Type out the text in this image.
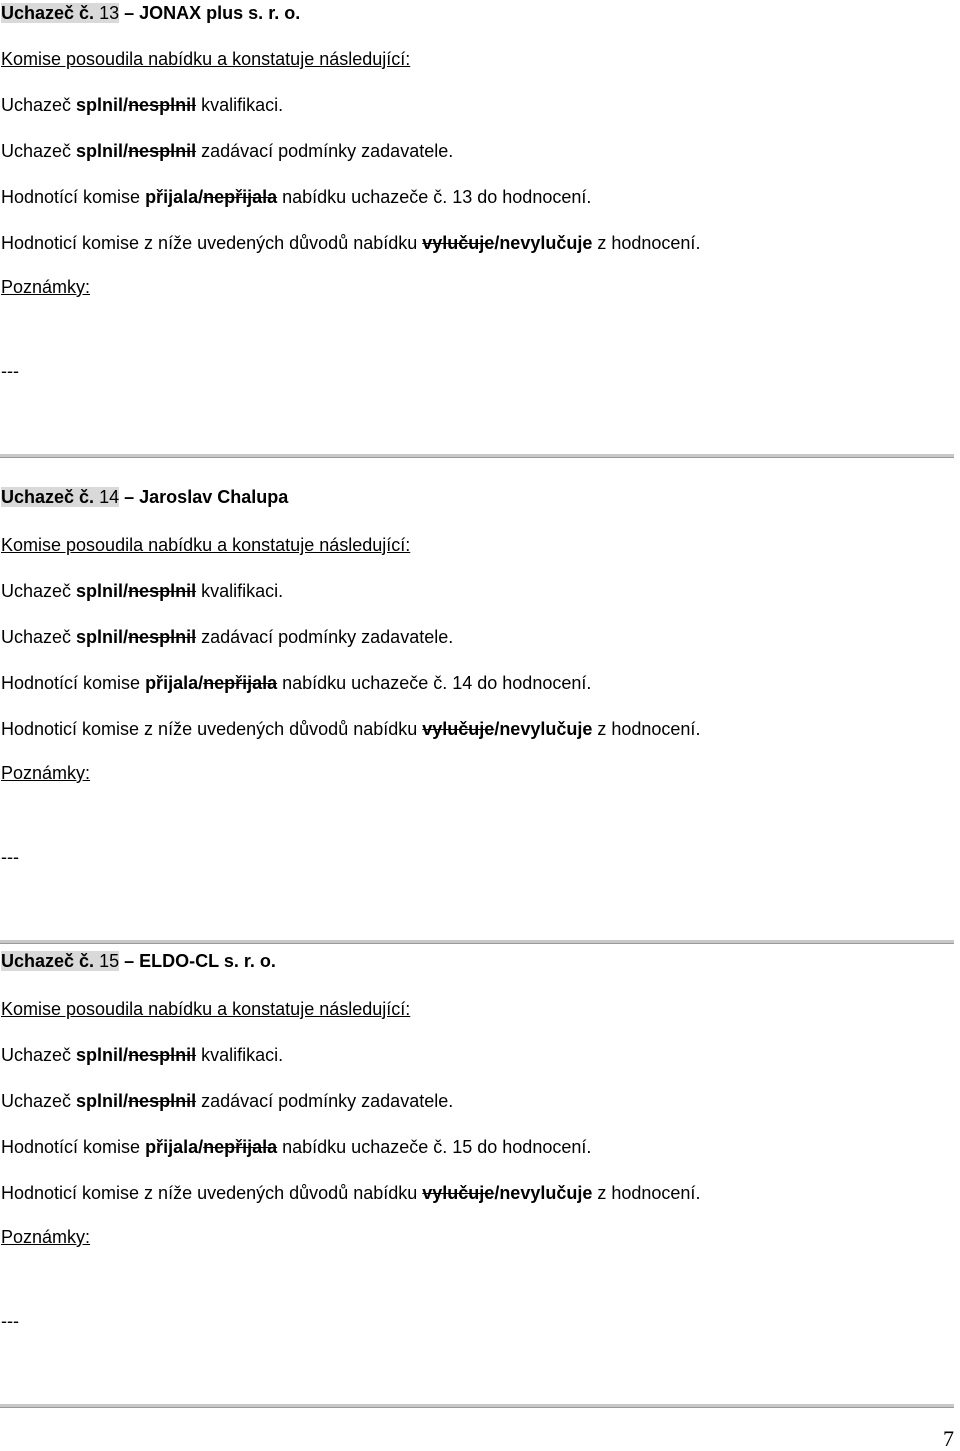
Uchazeč č. 13 – JONAX plus s. r. o.
Komise posoudila nabídku a konstatuje následující:
Uchazeč splnil/nesplnil kvalifikaci.
Uchazeč splnil/nesplnil zadávací podmínky zadavatele.
Hodnotící komise přijala/nepřijala nabídku uchazeče č. 13 do hodnocení.
Hodnoticí komise z níže uvedených důvodů nabídku vylučuje/nevylučuje z hodnocení.
Poznámky:
---
Uchazeč č. 14 – Jaroslav Chalupa
Komise posoudila nabídku a konstatuje následující:
Uchazeč splnil/nesplnil kvalifikaci.
Uchazeč splnil/nesplnil zadávací podmínky zadavatele.
Hodnotící komise přijala/nepřijala nabídku uchazeče č. 14 do hodnocení.
Hodnoticí komise z níže uvedených důvodů nabídku vylučuje/nevylučuje z hodnocení.
Poznámky:
---
Uchazeč č. 15 – ELDO-CL s. r. o.
Komise posoudila nabídku a konstatuje následující:
Uchazeč splnil/nesplnil kvalifikaci.
Uchazeč splnil/nesplnil zadávací podmínky zadavatele.
Hodnotící komise přijala/nepřijala nabídku uchazeče č. 15 do hodnocení.
Hodnoticí komise z níže uvedených důvodů nabídku vylučuje/nevylučuje z hodnocení.
Poznámky:
---
7
